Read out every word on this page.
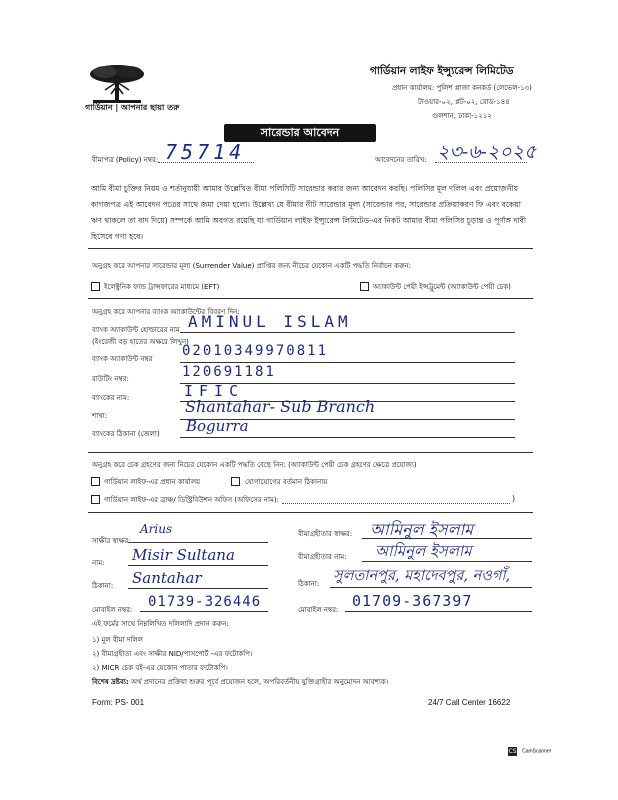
গার্ডিয়ান | আপনার ছায়া তরু
গার্ডিয়ান লাইফ ইন্স্যুরেন্স লিমিটেড
প্রধান কার্যালয়: পুলিশ প্লাজা কনকর্ড (লেভেল-১৩)
টাওয়ার-০২, প্লট-০২, রোড-১৪৪
গুলশান, ঢাকা-১২১২
সারেন্ডার আবেদন
বীমাপত্র (Policy) নম্বর: 75714	আবেদনের তারিখ: ২৩-৬-২০২৫
আমি বীমা চুক্তির নিয়ম ও শর্তানুযায়ী আমার উল্লেখিত বীমা পলিসিটি সারেন্ডার করার জন্য আবেদন করছি। পলিসির মূল দলিল এবং প্রয়োজনীয় কাগজপত্র এই আবেদন পত্রের সাথে জমা দেয়া হলো। উল্লেখ্য যে বীমার নীট সারেন্ডার মূল্য (সারেন্ডার পর, সারেন্ডার প্রক্রিয়াকরণ ফি এবং বকেয়া ঋণ থাকলে তা বাদ দিয়ে) সম্পর্কে আমি অবগত রয়েছি যা গার্ডিয়ান লাইফ ইন্স্যুরেন্স লিমিটেড-এর নিকট আমার বীমা পলিসির চূড়ান্ত ও পূর্ণাঙ্গ দাবী হিসেবে গণ্য হবে।
অনুগ্রহ করে আপনার সারেন্ডার মূল্য (Surrender Value) প্রাপ্তির জন্য নীচের যেকোন একটি পদ্ধতি নির্বাচন করুন:
ইলেক্ট্রনিক ফান্ড ট্রান্সফারের মাধ্যমে (EFT)	অ্যাকাউন্ট পেয়ী ইন্সট্রুমেন্ট (অ্যাকাউন্ট পেয়ী চেক)
অনুগ্রহ করে আপনার ব্যাংক অ্যাকাউন্টের বিবরণ দিন:
ব্যাংক অ্যাকাউন্ট হোল্ডারের নাম
(ইংরেজী বড় হাতের অক্ষরে লিখুন)
AMINUL ISLAM
ব্যাংক অ্যাকাউন্ট নম্বর 02010349970811
রাউটিং নম্বর:	120691181
ব্যাংকের নাম:	IFIC
শাখা:	Shantahar- Sub Branch
ব্যাংকের ঠিকানা (জেলা) Bogurra
অনুগ্রহ করে চেক গ্রহণের জন্য নিচের যেকোন একটি পদ্ধতি বেছে নিন: (অ্যাকাউন্ট পেয়ী চেক গ্রহণের ক্ষেত্রে প্রযোজ্য)
গার্ডিয়ান লাইফ-এর প্রধান কার্যালয়	যোগাযোগের বর্তমান ঠিকানায়
গার্ডিয়ান লাইফ-এর ব্রাঞ্চ/ ডিস্ট্রিবিউশন অফিস (অফিসের নাম):	)
সাক্ষীর স্বাক্ষর:
Arius	বীমাগ্রহীতার স্বাক্ষর: আমিনুল ইসলাম
নাম: Misir Sultana	বীমাগ্রহীতার নাম: আমিনুল ইসলাম
ঠিকানা: Santahar	ঠিকানা: সুলতানপুর, মহাদেবপুর, নওগাঁ,
মোবাইল নম্বর: 01739-326446	মোবাইল নম্বর: 01709-367397
এই ফর্মের সাথে নিম্নলিখিত দলিলাদি প্রদান করুন:
১) মূল বীমা দলিল
২) বীমাগ্রহীতা এবং সাক্ষীর NID/পাসপোর্ট -এর ফটোকপি।
২) MICR চেক বই-এর যেকোন পাতার ফটোকপি।
বিশেষ দ্রষ্টব্য: অর্থ প্রদানের প্রক্রিয়া শুরুর পূর্বে প্রয়োজন হলে, অপরিবর্তনীয় যুক্তিগ্রাহীর অনুমোদন আবশ্যক।
Form: PS- 001	24/7 Call Center 16622
CS CamScanner
